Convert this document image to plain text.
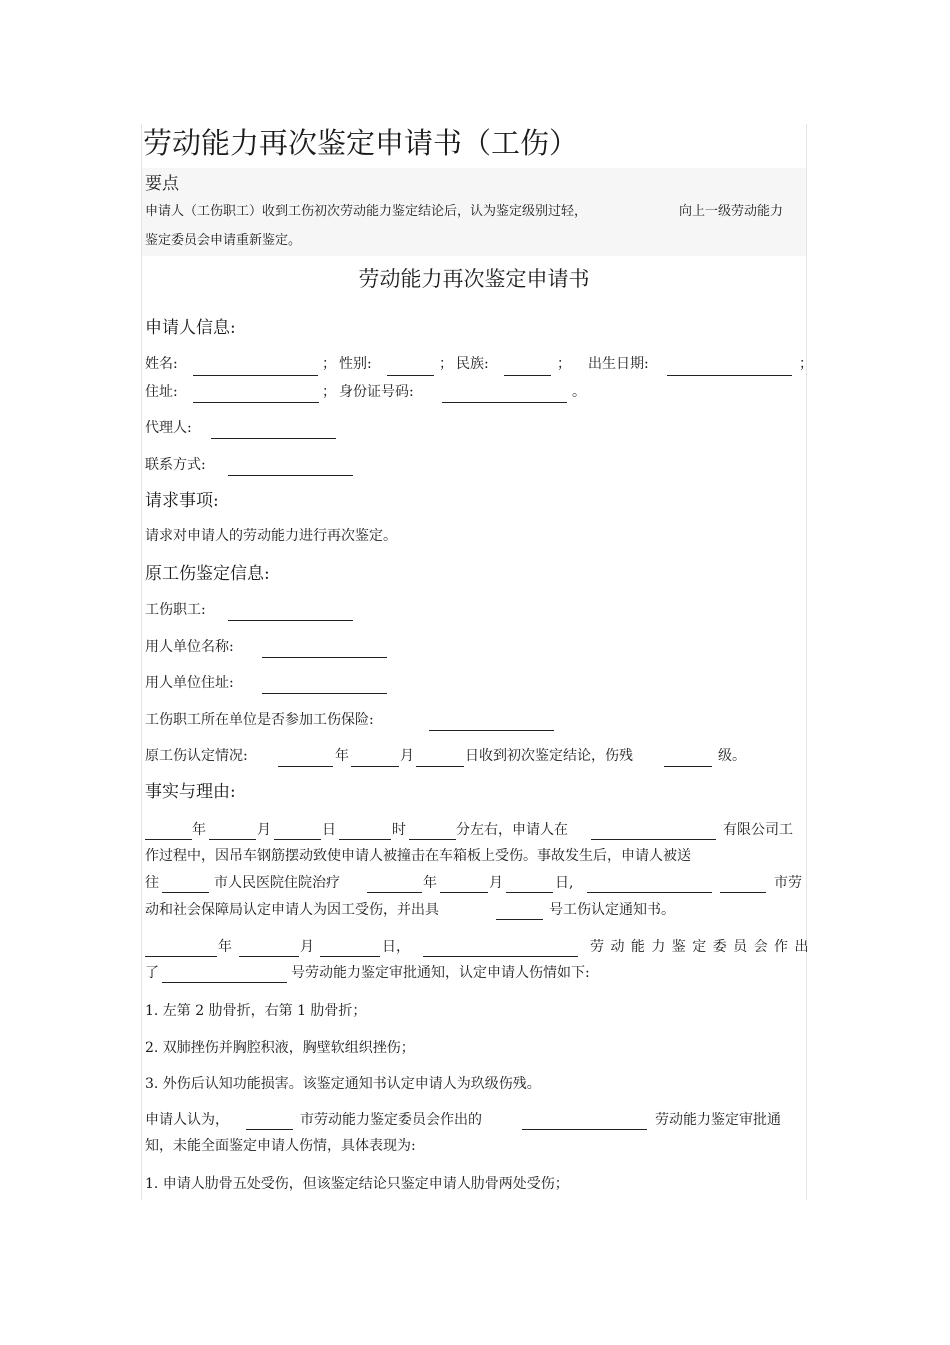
劳动能力再次鉴定申请书（工伤）
要点
申请人（工伤职工）收到工伤初次劳动能力鉴定结论后，认为鉴定级别过轻，	向上一级劳动能力
鉴定委员会申请重新鉴定。
劳动能力再次鉴定申请书
申请人信息:
姓名:	； 性别:	； 民族:	； 出生日期:	；
住址:	； 身份证号码:	。
代理人:
联系方式:
请求事项:
请求对申请人的劳动能力进行再次鉴定。
原工伤鉴定信息:
工伤职工:
用人单位名称:
用人单位住址:
工伤职工所在单位是否参加工伤保险:
原工伤认定情况:	年	月	日收到初次鉴定结论，伤残	级。
事实与理由:
年	月	日	时	分左右，申请人在	有限公司工
作过程中，因吊车钢筋摆动致使申请人被撞击在车箱板上受伤。事故发生后，申请人被送
往	市人民医院住院治疗	年	月	日,	市劳
动和社会保障局认定申请人为因工受伤，并出具	号工伤认定通知书。
年	月	日，	劳 动 能 力 鉴 定 委 员 会 作 出
了	号劳动能力鉴定审批通知，认定申请人伤情如下:
1. 左第 2 肋骨折，右第 1 肋骨折；
2. 双肺挫伤并胸腔积液，胸壁软组织挫伤；
3. 外伤后认知功能损害。该鉴定通知书认定申请人为玖级伤残。
申请人认为，	市劳动能力鉴定委员会作出的	劳动能力鉴定审批通
知，未能全面鉴定申请人伤情，具体表现为:
1. 申请人肋骨五处受伤，但该鉴定结论只鉴定申请人肋骨两处受伤；
